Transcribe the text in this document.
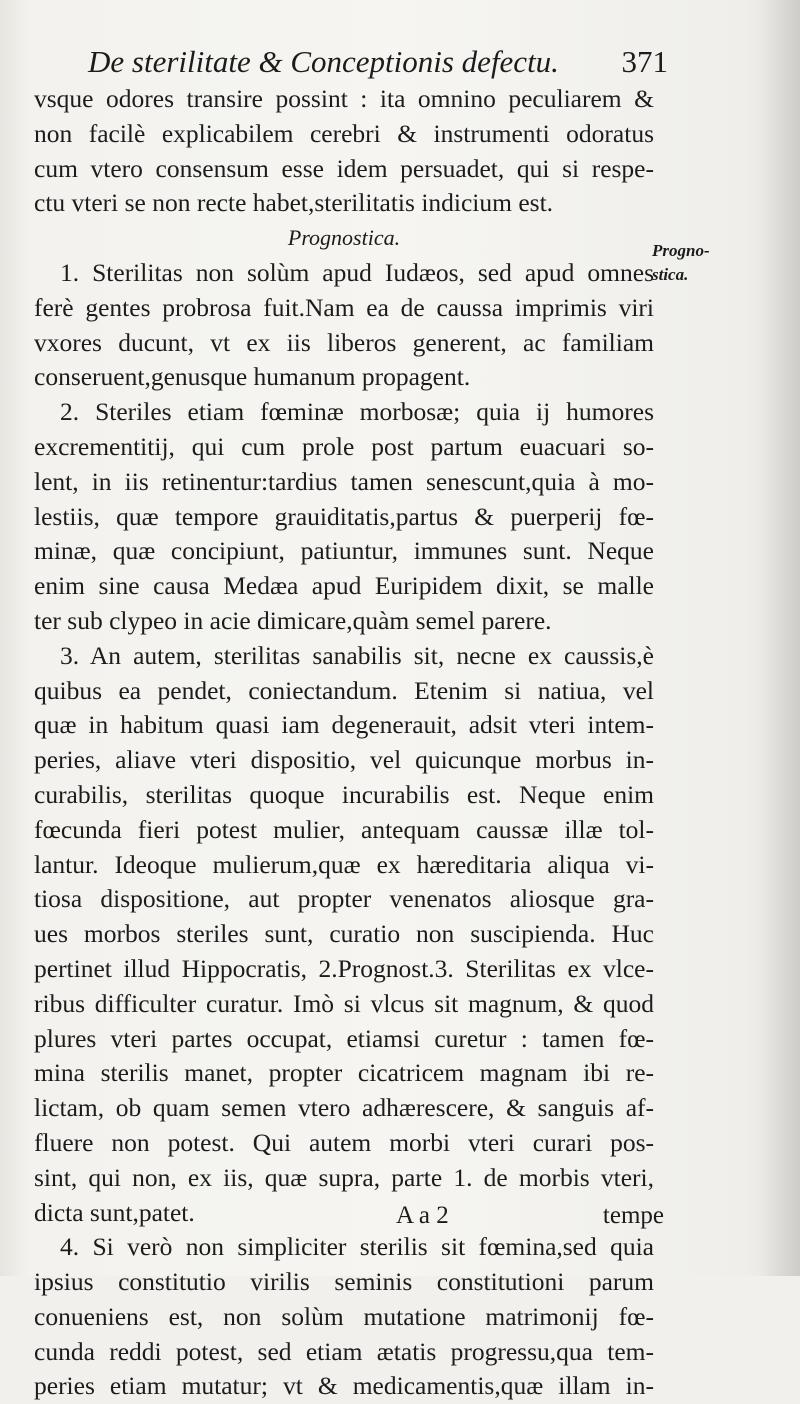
De sterilitate & Conceptionis defectu. 371
Progno-
stica.
vsque odores transire possint : ita omnino peculiarem &
non facilè explicabilem cerebri & instrumenti odoratus
cum vtero consensum esse idem persuadet, qui si respe-
ctu vteri se non recte habet,sterilitatis indicium est.
Prognostica.
1. Sterilitas non solùm apud Iudæos, sed apud omnes
ferè gentes probrosa fuit.Nam ea de caussa imprimis viri
vxores ducunt, vt ex iis liberos generent, ac familiam
conseruent,genusque humanum propagent.
2. Steriles etiam fœminæ morbosæ; quia ij humores
excrementitij, qui cum prole post partum euacuari so-
lent, in iis retinentur:tardius tamen senescunt,quia à mo-
lestiis, quæ tempore grauiditatis,partus & puerperij fœ-
minæ, quæ concipiunt, patiuntur, immunes sunt. Neque
enim sine causa Medæa apud Euripidem dixit, se malle
ter sub clypeo in acie dimicare,quàm semel parere.
3. An autem, sterilitas sanabilis sit, necne ex caussis,è
quibus ea pendet, coniectandum. Etenim si natiua, vel
quæ in habitum quasi iam degenerauit, adsit vteri intem-
peries, aliave vteri dispositio, vel quicunque morbus in-
curabilis, sterilitas quoque incurabilis est. Neque enim
fœcunda fieri potest mulier, antequam caussæ illæ tol-
lantur. Ideoque mulierum,quæ ex hæreditaria aliqua vi-
tiosa dispositione, aut propter venenatos aliosque gra-
ues morbos steriles sunt, curatio non suscipienda. Huc
pertinet illud Hippocratis, 2.Prognost.3. Sterilitas ex vlce-
ribus difficulter curatur. Imò si vlcus sit magnum, & quod
plures vteri partes occupat, etiamsi curetur : tamen fœ-
mina sterilis manet, propter cicatricem magnam ibi re-
lictam, ob quam semen vtero adhærescere, & sanguis af-
fluere non potest. Qui autem morbi vteri curari pos-
sint, qui non, ex iis, quæ supra, parte 1. de morbis vteri,
dicta sunt,patet.
4. Si verò non simpliciter sterilis sit fœmina,sed quia
ipsius constitutio virilis seminis constitutioni parum
conueniens est, non solùm mutatione matrimonij fœ-
cunda reddi potest, sed etiam ætatis progressu,qua tem-
peries etiam mutatur; vt & medicamentis,quæ illam in-
A a 2	tempe
